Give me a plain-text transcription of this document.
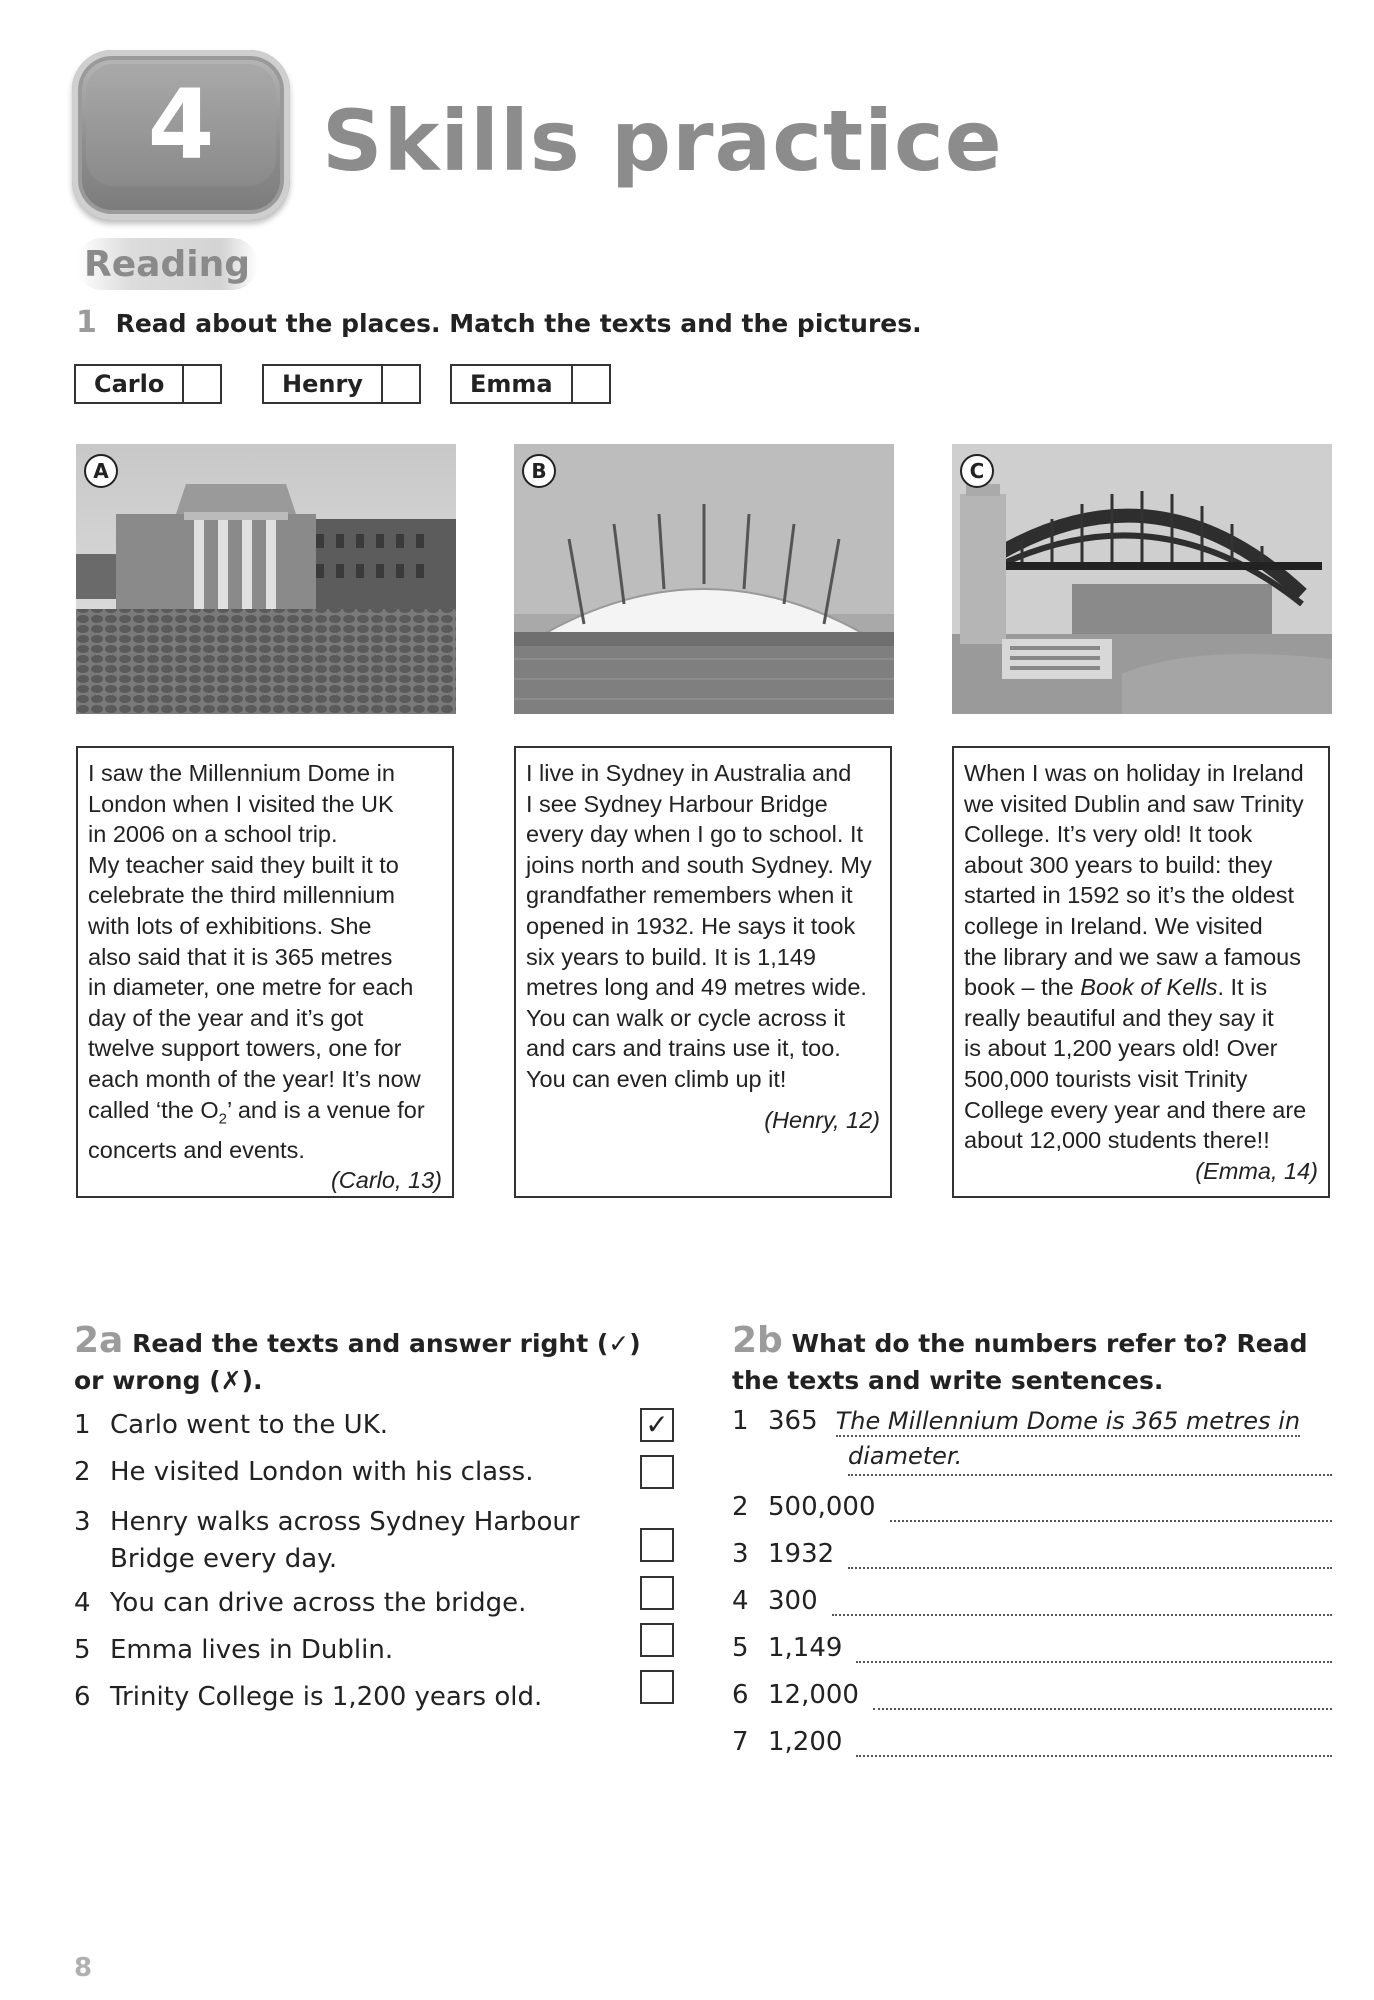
4 Skills practice
Reading
1 Read about the places. Match the texts and the pictures.
Carlo	Henry	Emma
A	B	C

I saw the Millennium Dome in

London when I visited the UK

in 2006 on a school trip.

My teacher said they built it to

celebrate the third millennium

with lots of exhibitions. She

also said that it is 365 metres

in diameter, one metre for each

day of the year and it’s got

twelve support towers, one for

each month of the year! It’s now

called ‘the $O_2$’ and is a venue for

concerts and events.

(Carlo, 13)

I live in Sydney in Australia and

I see Sydney Harbour Bridge

every day when I go to school. It

joins north and south Sydney. My

grandfather remembers when it

opened in 1932. He says it took

six years to build. It is 1,149

metres long and 49 metres wide.

You can walk or cycle across it

and cars and trains use it, too.

You can even climb up it!

(Henry, 12)

When I was on holiday in Ireland

we visited Dublin and saw Trinity

College. It’s very old! It took

about 300 years to build: they

started in 1592 so it’s the oldest

college in Ireland. We visited

the library and we saw a famous

book – the Book of Kells. It is

really beautiful and they say it

is about 1,200 years old! Over

500,000 tourists visit Trinity

College every year and there are

about 12,000 students there!!

(Emma, 14)

2a Read the texts and answer right (✓)
or wrong (✗).
1 Carlo went to the UK.	✓
2 He visited London with his class.
3 Henry walks across Sydney Harbour
Bridge every day.
4 You can drive across the bridge.
5 Emma lives in Dublin.
6 Trinity College is 1,200 years old.
2b What do the numbers refer to? Read
the texts and write sentences.
1 365 The Millennium Dome is 365 metres in
diameter.
2 500,000
3 1932
4 300
5 1,149
6 12,000
7 1,200
8
